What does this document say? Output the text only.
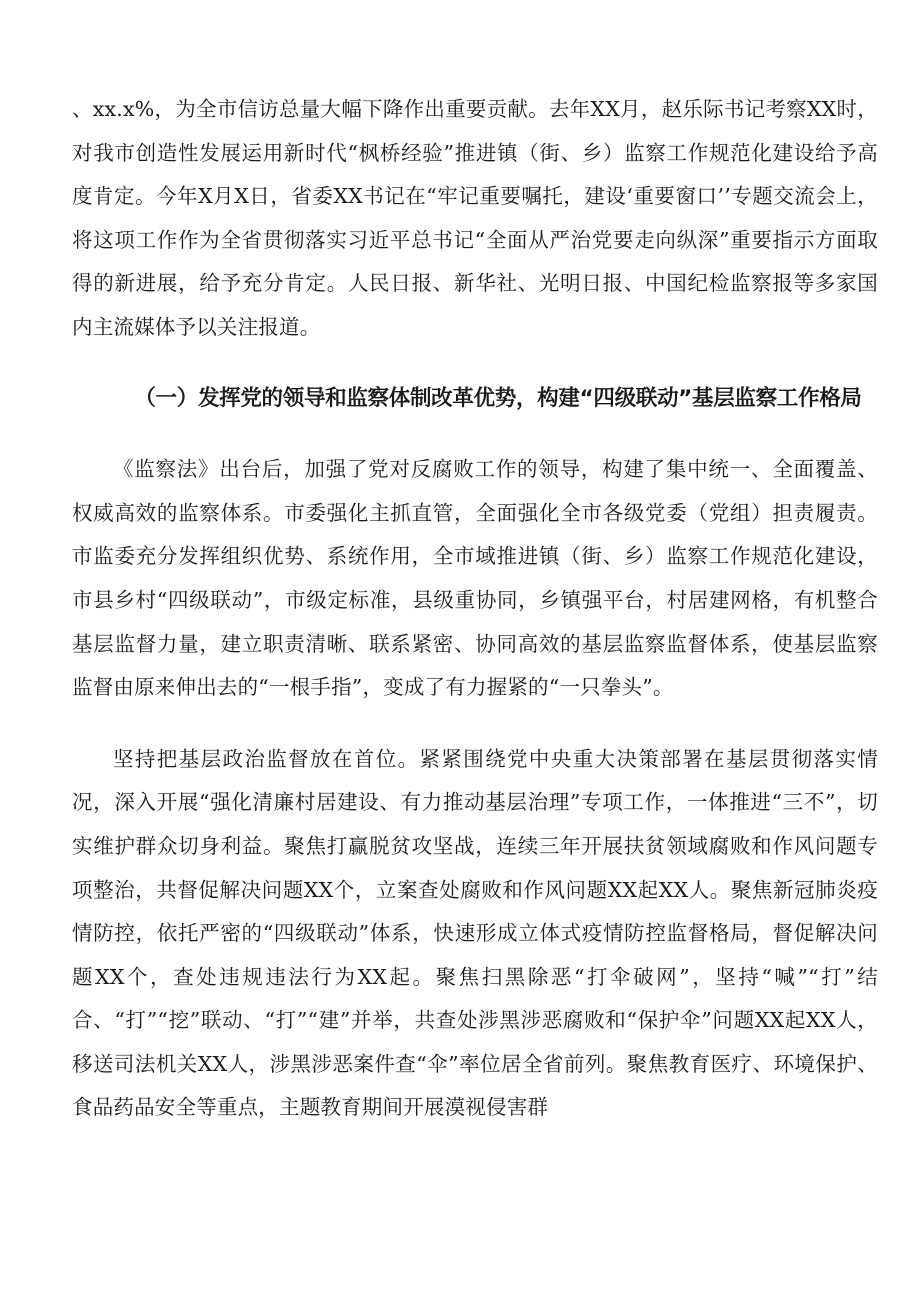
、xx.x%，为全市信访总量大幅下降作出重要贡献。去年XX月，赵乐际书记考察XX时，对我市创造性发展运用新时代“枫桥经验”推进镇（街、乡）监察工作规范化建设给予高度肯定。今年X月X日，省委XX书记在“牢记重要嘱托，建设‘重要窗口’’专题交流会上，将这项工作作为全省贯彻落实习近平总书记“全面从严治党要走向纵深”重要指示方面取得的新进展，给予充分肯定。人民日报、新华社、光明日报、中国纪检监察报等多家国内主流媒体予以关注报道。

（一）发挥党的领导和监察体制改革优势，构建“四级联动”基层监察工作格局

《监察法》出台后，加强了党对反腐败工作的领导，构建了集中统一、全面覆盖、权威高效的监察体系。市委强化主抓直管，全面强化全市各级党委（党组）担责履责。市监委充分发挥组织优势、系统作用，全市域推进镇（街、乡）监察工作规范化建设，市县乡村“四级联动”，市级定标准，县级重协同，乡镇强平台，村居建网格，有机整合基层监督力量，建立职责清晰、联系紧密、协同高效的基层监察监督体系，使基层监察监督由原来伸出去的“一根手指”，变成了有力握紧的“一只拳头”。

坚持把基层政治监督放在首位。紧紧围绕党中央重大决策部署在基层贯彻落实情况，深入开展“强化清廉村居建设、有力推动基层治理”专项工作，一体推进“三不”，切实维护群众切身利益。聚焦打赢脱贫攻坚战，连续三年开展扶贫领域腐败和作风问题专项整治，共督促解决问题XX个，立案查处腐败和作风问题XX起XX人。聚焦新冠肺炎疫情防控，依托严密的“四级联动”体系，快速形成立体式疫情防控监督格局，督促解决问题XX个，查处违规违法行为XX起。聚焦扫黑除恶“打伞破网”，坚持“喊”“打”结合、“打”“挖”联动、“打”“建”并举，共查处涉黑涉恶腐败和“保护伞”问题XX起XX人，移送司法机关XX人，涉黑涉恶案件查“伞”率位居全省前列。聚焦教育医疗、环境保护、食品药品安全等重点，主题教育期间开展漠视侵害群
